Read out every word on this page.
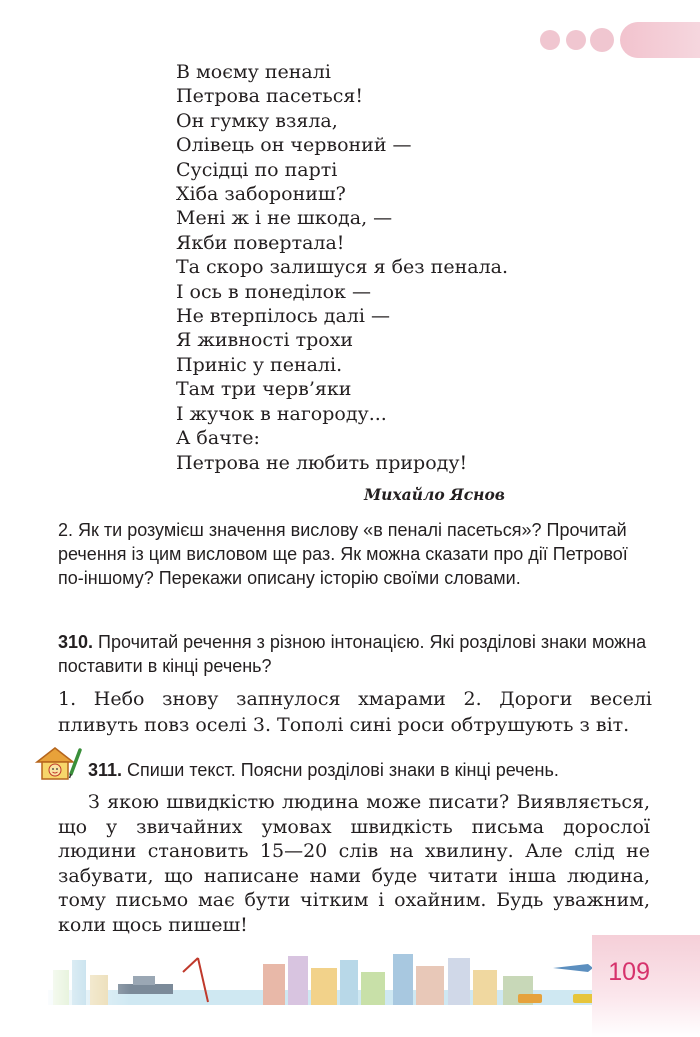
В моєму пеналі
Петрова пасеться!
Он гумку взяла,
Олівець он червоний —
Сусідці по парті
Хіба заборониш?
Мені ж і не шкода, —
Якби повертала!
Та скоро залишуся я без пенала.
І ось в понеділок —
Не втерпілось далі —
Я живності трохи
Приніс у пеналі.
Там три черв’яки
І жучок в нагороду...
А бачте:
Петрова не любить природу!
Михайло Яснов
2. Як ти розумієш значення вислову «в пеналі пасеться»? Прочитай речення із цим висловом ще раз. Як можна сказати про дії Петрової по-іншому? Перекажи описану історію своїми словами.
310. Прочитай речення з різною інтонацією. Які розділові знаки можна поставити в кінці речень?
1. Небо знову запнулося хмарами 2. Дороги веселі пливуть повз оселі 3. Тополі сині роси обтрушують з віт.
311. Спиши текст. Поясни розділові знаки в кінці речень.
З якою швидкістю людина може писати? Виявляється, що у звичайних умовах швидкість письма дорослої людини становить 15—20 слів на хвилину. Але слід не забувати, що написане нами буде читати інша людина, тому письмо має бути чітким і охайним. Будь уважним, коли щось пишеш!
109
